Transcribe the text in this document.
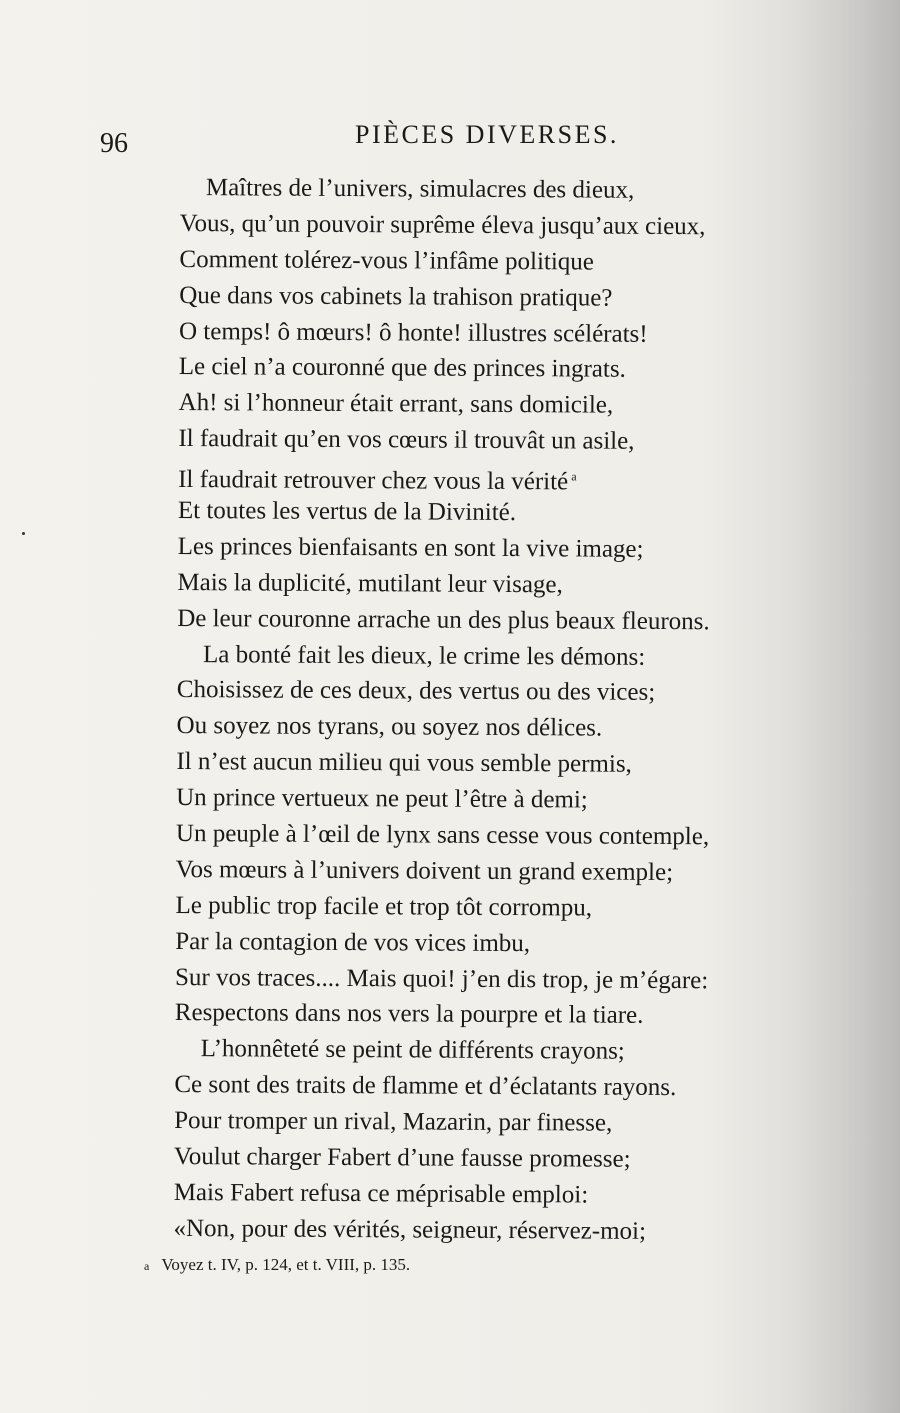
96	PIÈCES DIVERSES.
Maîtres de l’univers, simulacres des dieux,
Vous, qu’un pouvoir suprême éleva jusqu’aux cieux,
Comment tolérez-vous l’infâme politique
Que dans vos cabinets la trahison pratique?
O temps! ô mœurs! ô honte! illustres scélérats!
Le ciel n’a couronné que des princes ingrats.
Ah! si l’honneur était errant, sans domicile,
Il faudrait qu’en vos cœurs il trouvât un asile,
Il faudrait retrouver chez vous la vérité $^a$
Et toutes les vertus de la Divinité.
Les princes bienfaisants en sont la vive image;
Mais la duplicité, mutilant leur visage,
De leur couronne arrache un des plus beaux fleurons.
La bonté fait les dieux, le crime les démons:
Choisissez de ces deux, des vertus ou des vices;
Ou soyez nos tyrans, ou soyez nos délices.
Il n’est aucun milieu qui vous semble permis,
Un prince vertueux ne peut l’être à demi;
Un peuple à l’œil de lynx sans cesse vous contemple,
Vos mœurs à l’univers doivent un grand exemple;
Le public trop facile et trop tôt corrompu,
Par la contagion de vos vices imbu,
Sur vos traces.... Mais quoi! j’en dis trop, je m’égare:
Respectons dans nos vers la pourpre et la tiare.
L’honnêteté se peint de différents crayons;
Ce sont des traits de flamme et d’éclatants rayons.
Pour tromper un rival, Mazarin, par finesse,
Voulut charger Fabert d’une fausse promesse;
Mais Fabert refusa ce méprisable emploi:
«Non, pour des vérités, seigneur, réservez-moi;
a Voyez t. IV, p. 124, et t. VIII, p. 135.
